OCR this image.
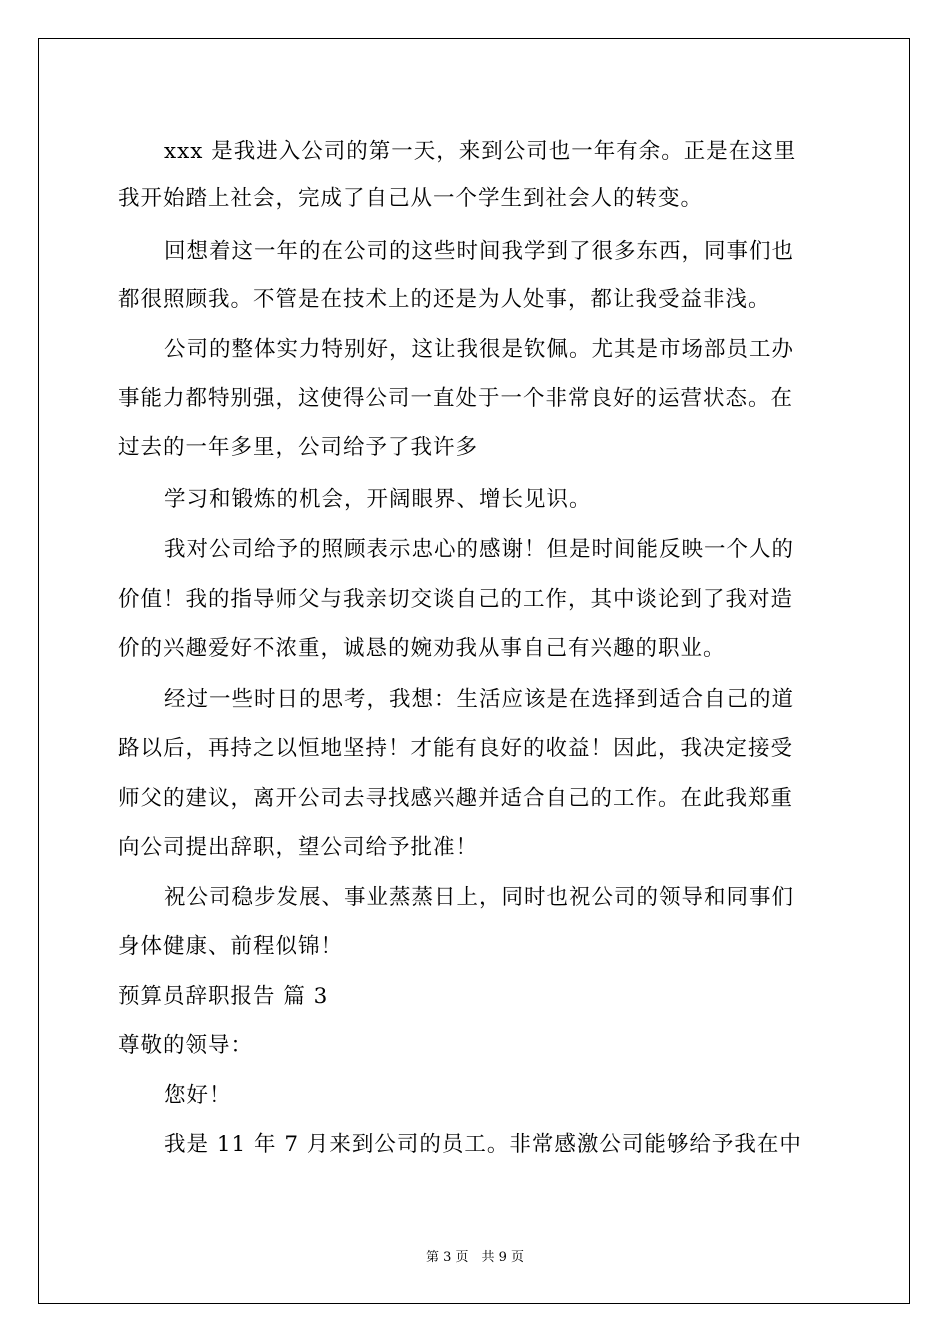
xxx 是我进入公司的第一天，来到公司也一年有余。正是在这里
我开始踏上社会，完成了自己从一个学生到社会人的转变。
回想着这一年的在公司的这些时间我学到了很多东西，同事们也
都很照顾我。不管是在技术上的还是为人处事，都让我受益非浅。
公司的整体实力特别好，这让我很是钦佩。尤其是市场部员工办
事能力都特别强，这使得公司一直处于一个非常良好的运营状态。在
过去的一年多里，公司给予了我许多
学习和锻炼的机会，开阔眼界、增长见识。
我对公司给予的照顾表示忠心的感谢！但是时间能反映一个人的
价值！我的指导师父与我亲切交谈自己的工作，其中谈论到了我对造
价的兴趣爱好不浓重，诚恳的婉劝我从事自己有兴趣的职业。
经过一些时日的思考，我想：生活应该是在选择到适合自己的道
路以后，再持之以恒地坚持！才能有良好的收益！因此，我决定接受
师父的建议，离开公司去寻找感兴趣并适合自己的工作。在此我郑重
向公司提出辞职，望公司给予批准！
祝公司稳步发展、事业蒸蒸日上，同时也祝公司的领导和同事们
身体健康、前程似锦！
预算员辞职报告 篇 3
尊敬的领导：
您好！
我是 11 年 7 月来到公司的员工。非常感激公司能够给予我在中
第 3 页　共 9 页
